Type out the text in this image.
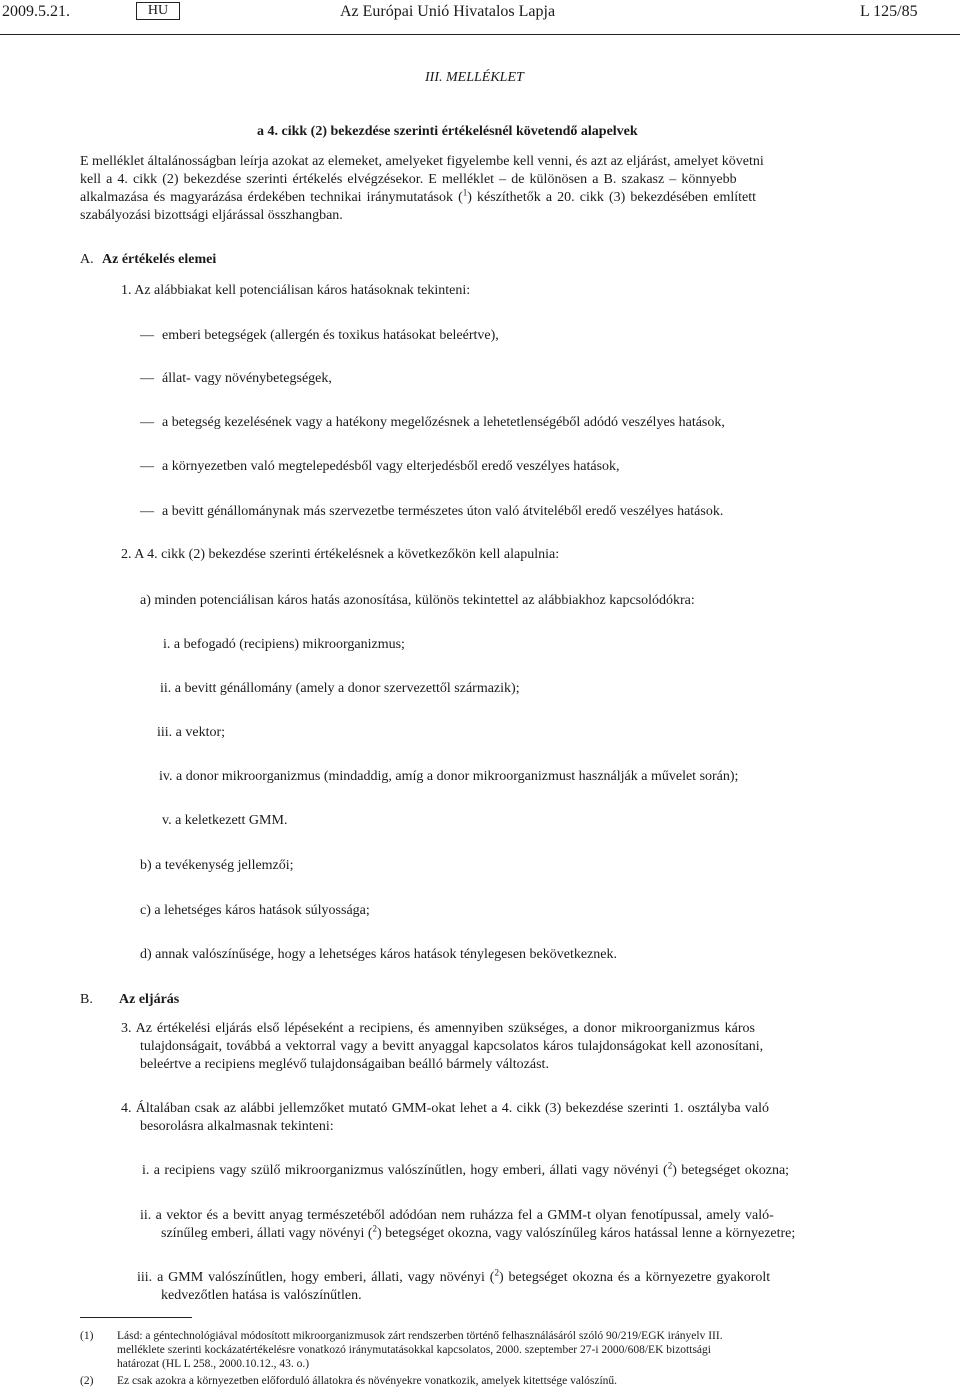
2009.5.21.	HU	Az Európai Unió Hivatalos Lapja	L 125/85
III. MELLÉKLET
a 4. cikk (2) bekezdése szerinti értékelésnél követendő alapelvek
E melléklet általánosságban leírja azokat az elemeket, amelyeket figyelembe kell venni, és azt az eljárást, amelyet követni
kell a 4. cikk (2) bekezdése szerinti értékelés elvégzésekor. E melléklet – de különösen a B. szakasz – könnyebb
alkalmazása és magyarázása érdekében technikai iránymutatások ($^1$) készíthetők a 20. cikk (3) bekezdésében említett
szabályozási bizottsági eljárással összhangban.
A. Az értékelés elemei
1. Az alábbiakat kell potenciálisan káros hatásoknak tekinteni:
— emberi betegségek (allergén és toxikus hatásokat beleértve),
— állat- vagy növénybetegségek,
— a betegség kezelésének vagy a hatékony megelőzésnek a lehetetlenségéből adódó veszélyes hatások,
— a környezetben való megtelepedésből vagy elterjedésből eredő veszélyes hatások,
— a bevitt génállománynak más szervezetbe természetes úton való átviteléből eredő veszélyes hatások.
2. A 4. cikk (2) bekezdése szerinti értékelésnek a következőkön kell alapulnia:
a) minden potenciálisan káros hatás azonosítása, különös tekintettel az alábbiakhoz kapcsolódókra:
i. a befogadó (recipiens) mikroorganizmus;
ii. a bevitt génállomány (amely a donor szervezettől származik);
iii. a vektor;
iv. a donor mikroorganizmus (mindaddig, amíg a donor mikroorganizmust használják a művelet során);
v. a keletkezett GMM.
b) a tevékenység jellemzői;
c) a lehetséges káros hatások súlyossága;
d) annak valószínűsége, hogy a lehetséges káros hatások ténylegesen bekövetkeznek.
B. Az eljárás
3. Az értékelési eljárás első lépéseként a recipiens, és amennyiben szükséges, a donor mikroorganizmus káros
tulajdonságait, továbbá a vektorral vagy a bevitt anyaggal kapcsolatos káros tulajdonságokat kell azonosítani,
beleértve a recipiens meglévő tulajdonságaiban beálló bármely változást.
4. Általában csak az alábbi jellemzőket mutató GMM-okat lehet a 4. cikk (3) bekezdése szerinti 1. osztályba való
besorolásra alkalmasnak tekinteni:
i. a recipiens vagy szülő mikroorganizmus valószínűtlen, hogy emberi, állati vagy növényi ($^2$) betegséget okozna;
ii. a vektor és a bevitt anyag természetéből adódóan nem ruházza fel a GMM-t olyan fenotípussal, amely való-
színűleg emberi, állati vagy növényi ($^2$) betegséget okozna, vagy valószínűleg káros hatással lenne a környezetre;
iii. a GMM valószínűtlen, hogy emberi, állati, vagy növényi ($^2$) betegséget okozna és a környezetre gyakorolt
kedvezőtlen hatása is valószínűtlen.
(1) Lásd: a géntechnológiával módosított mikroorganizmusok zárt rendszerben történő felhasználásáról szóló 90/219/EGK irányelv III.
melléklete szerinti kockázatértékelésre vonatkozó iránymutatásokkal kapcsolatos, 2000. szeptember 27-i 2000/608/EK bizottsági
határozat (HL L 258., 2000.10.12., 43. o.)
(2) Ez csak azokra a környezetben előforduló állatokra és növényekre vonatkozik, amelyek kitettsége valószínű.
